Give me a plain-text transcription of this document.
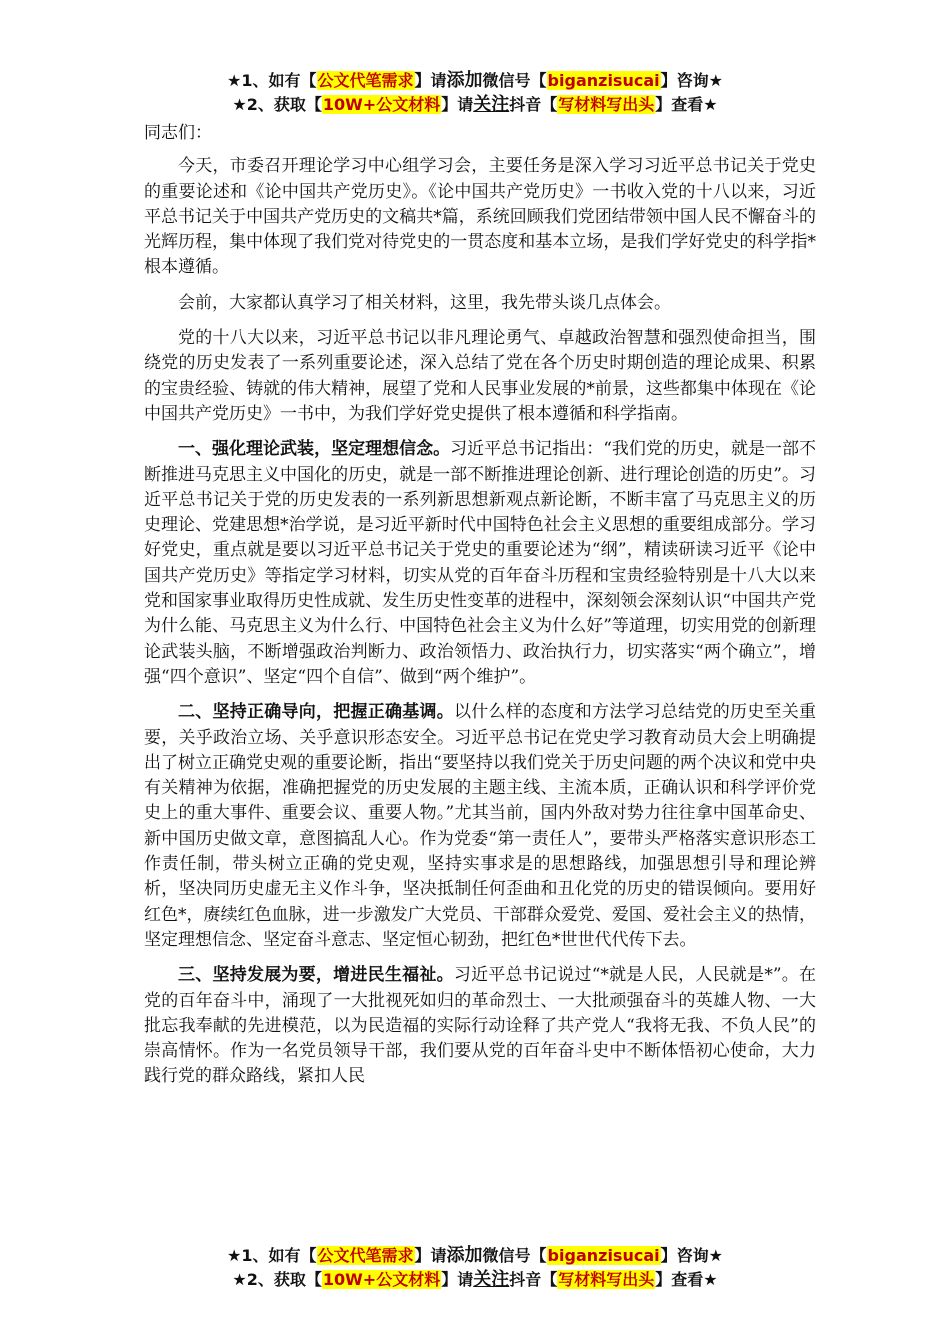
★1、如有【公文代笔需求】请添加微信号【biganzisucai】咨询★
★2、获取【10W+公文材料】请关注抖音【写材料写出头】查看★

同志们：

今天，市委召开理论学习中心组学习会，主要任务是深入学习习近平总书记关于党史的重要论述和《论中国共产党历史》。《论中国共产党历史》一书收入党的十八以来，习近平总书记关于中国共产党历史的文稿共*篇，系统回顾我们党团结带领中国人民不懈奋斗的光辉历程，集中体现了我们党对待党史的一贯态度和基本立场，是我们学好党史的科学指*根本遵循。

会前，大家都认真学习了相关材料，这里，我先带头谈几点体会。

党的十八大以来，习近平总书记以非凡理论勇气、卓越政治智慧和强烈使命担当，围绕党的历史发表了一系列重要论述，深入总结了党在各个历史时期创造的理论成果、积累的宝贵经验、铸就的伟大精神，展望了党和人民事业发展的*前景，这些都集中体现在《论中国共产党历史》一书中，为我们学好党史提供了根本遵循和科学指南。

一、强化理论武装，坚定理想信念。习近平总书记指出：“我们党的历史，就是一部不断推进马克思主义中国化的历史，就是一部不断推进理论创新、进行理论创造的历史”。习近平总书记关于党的历史发表的一系列新思想新观点新论断，不断丰富了马克思主义的历史理论、党建思想*治学说，是习近平新时代中国特色社会主义思想的重要组成部分。学习好党史，重点就是要以习近平总书记关于党史的重要论述为“纲”，精读研读习近平《论中国共产党历史》等指定学习材料，切实从党的百年奋斗历程和宝贵经验特别是十八大以来党和国家事业取得历史性成就、发生历史性变革的进程中，深刻领会深刻认识“中国共产党为什么能、马克思主义为什么行、中国特色社会主义为什么好”等道理，切实用党的创新理论武装头脑，不断增强政治判断力、政治领悟力、政治执行力，切实落实“两个确立”，增强“四个意识”、坚定“四个自信”、做到“两个维护”。

二、坚持正确导向，把握正确基调。以什么样的态度和方法学习总结党的历史至关重要，关乎政治立场、关乎意识形态安全。习近平总书记在党史学习教育动员大会上明确提出了树立正确党史观的重要论断，指出“要坚持以我们党关于历史问题的两个决议和党中央有关精神为依据，准确把握党的历史发展的主题主线、主流本质，正确认识和科学评价党史上的重大事件、重要会议、重要人物。”尤其当前，国内外敌对势力往往拿中国革命史、新中国历史做文章，意图搞乱人心。作为党委“第一责任人”，要带头严格落实意识形态工作责任制，带头树立正确的党史观，坚持实事求是的思想路线，加强思想引导和理论辨析，坚决同历史虚无主义作斗争，坚决抵制任何歪曲和丑化党的历史的错误倾向。要用好红色*，赓续红色血脉，进一步激发广大党员、干部群众爱党、爱国、爱社会主义的热情，坚定理想信念、坚定奋斗意志、坚定恒心韧劲，把红色*世世代代传下去。

三、坚持发展为要，增进民生福祉。习近平总书记说过“*就是人民，人民就是*”。在党的百年奋斗中，涌现了一大批视死如归的革命烈士、一大批顽强奋斗的英雄人物、一大批忘我奉献的先进模范，以为民造福的实际行动诠释了共产党人“我将无我、不负人民”的崇高情怀。作为一名党员领导干部，我们要从党的百年奋斗史中不断体悟初心使命，大力践行党的群众路线，紧扣人民

★1、如有【公文代笔需求】请添加微信号【biganzisucai】咨询★
★2、获取【10W+公文材料】请关注抖音【写材料写出头】查看★
